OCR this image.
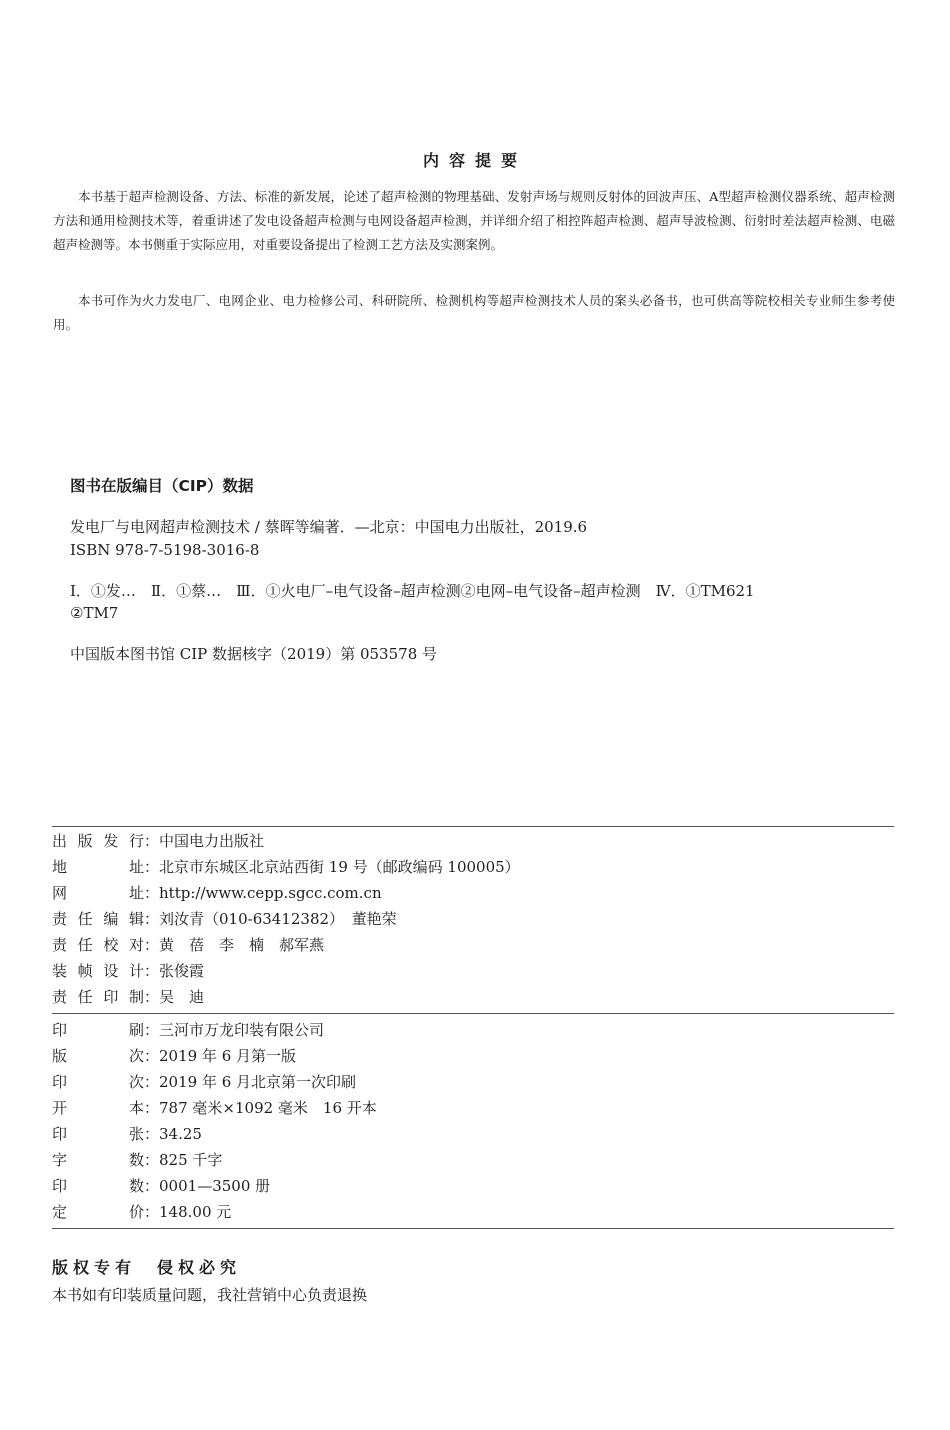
内容提要

本书基于超声检测设备、方法、标准的新发展，论述了超声检测的物理基础、发射声场与规则反射体的回波声压、A型超声检测仪器系统、超声检测方法和通用检测技术等，着重讲述了发电设备超声检测与电网设备超声检测，并详细介绍了相控阵超声检测、超声导波检测、衍射时差法超声检测、电磁超声检测等。本书侧重于实际应用，对重要设备提出了检测工艺方法及实测案例。

本书可作为火力发电厂、电网企业、电力检修公司、科研院所、检测机构等超声检测技术人员的案头必备书，也可供高等院校相关专业师生参考使用。

图书在版编目（CIP）数据
发电厂与电网超声检测技术 / 蔡晖等编著．—北京：中国电力出版社，2019.6
ISBN 978-7-5198-3016-8
Ⅰ．①发…　Ⅱ．①蔡…　Ⅲ．①火电厂–电气设备–超声检测②电网–电气设备–超声检测　Ⅳ．①TM621
②TM7
中国版本图书馆 CIP 数据核字（2019）第 053578 号
出版发行 ： 中国电力出版社
地　　址 ： 北京市东城区北京站西街 19 号（邮政编码 100005）
网　　址 ： http://www.cepp.sgcc.com.cn
责任编辑 ： 刘汝青（010-63412382）　董艳荣
责任校对 ： 黄　蓓　李　楠　郝军燕
装帧设计 ： 张俊霞
责任印制 ： 吴　迪
印　　刷 ： 三河市万龙印装有限公司
版　　次 ： 2019 年 6 月第一版
印　　次 ： 2019 年 6 月北京第一次印刷
开　　本 ： 787 毫米×1092 毫米　16 开本
印　　张 ： 34.25
字　　数 ： 825 千字
印　　数 ： 0001—3500 册
定　　价 ： 148.00 元
版权专有　侵权必究
本书如有印装质量问题，我社营销中心负责退换
